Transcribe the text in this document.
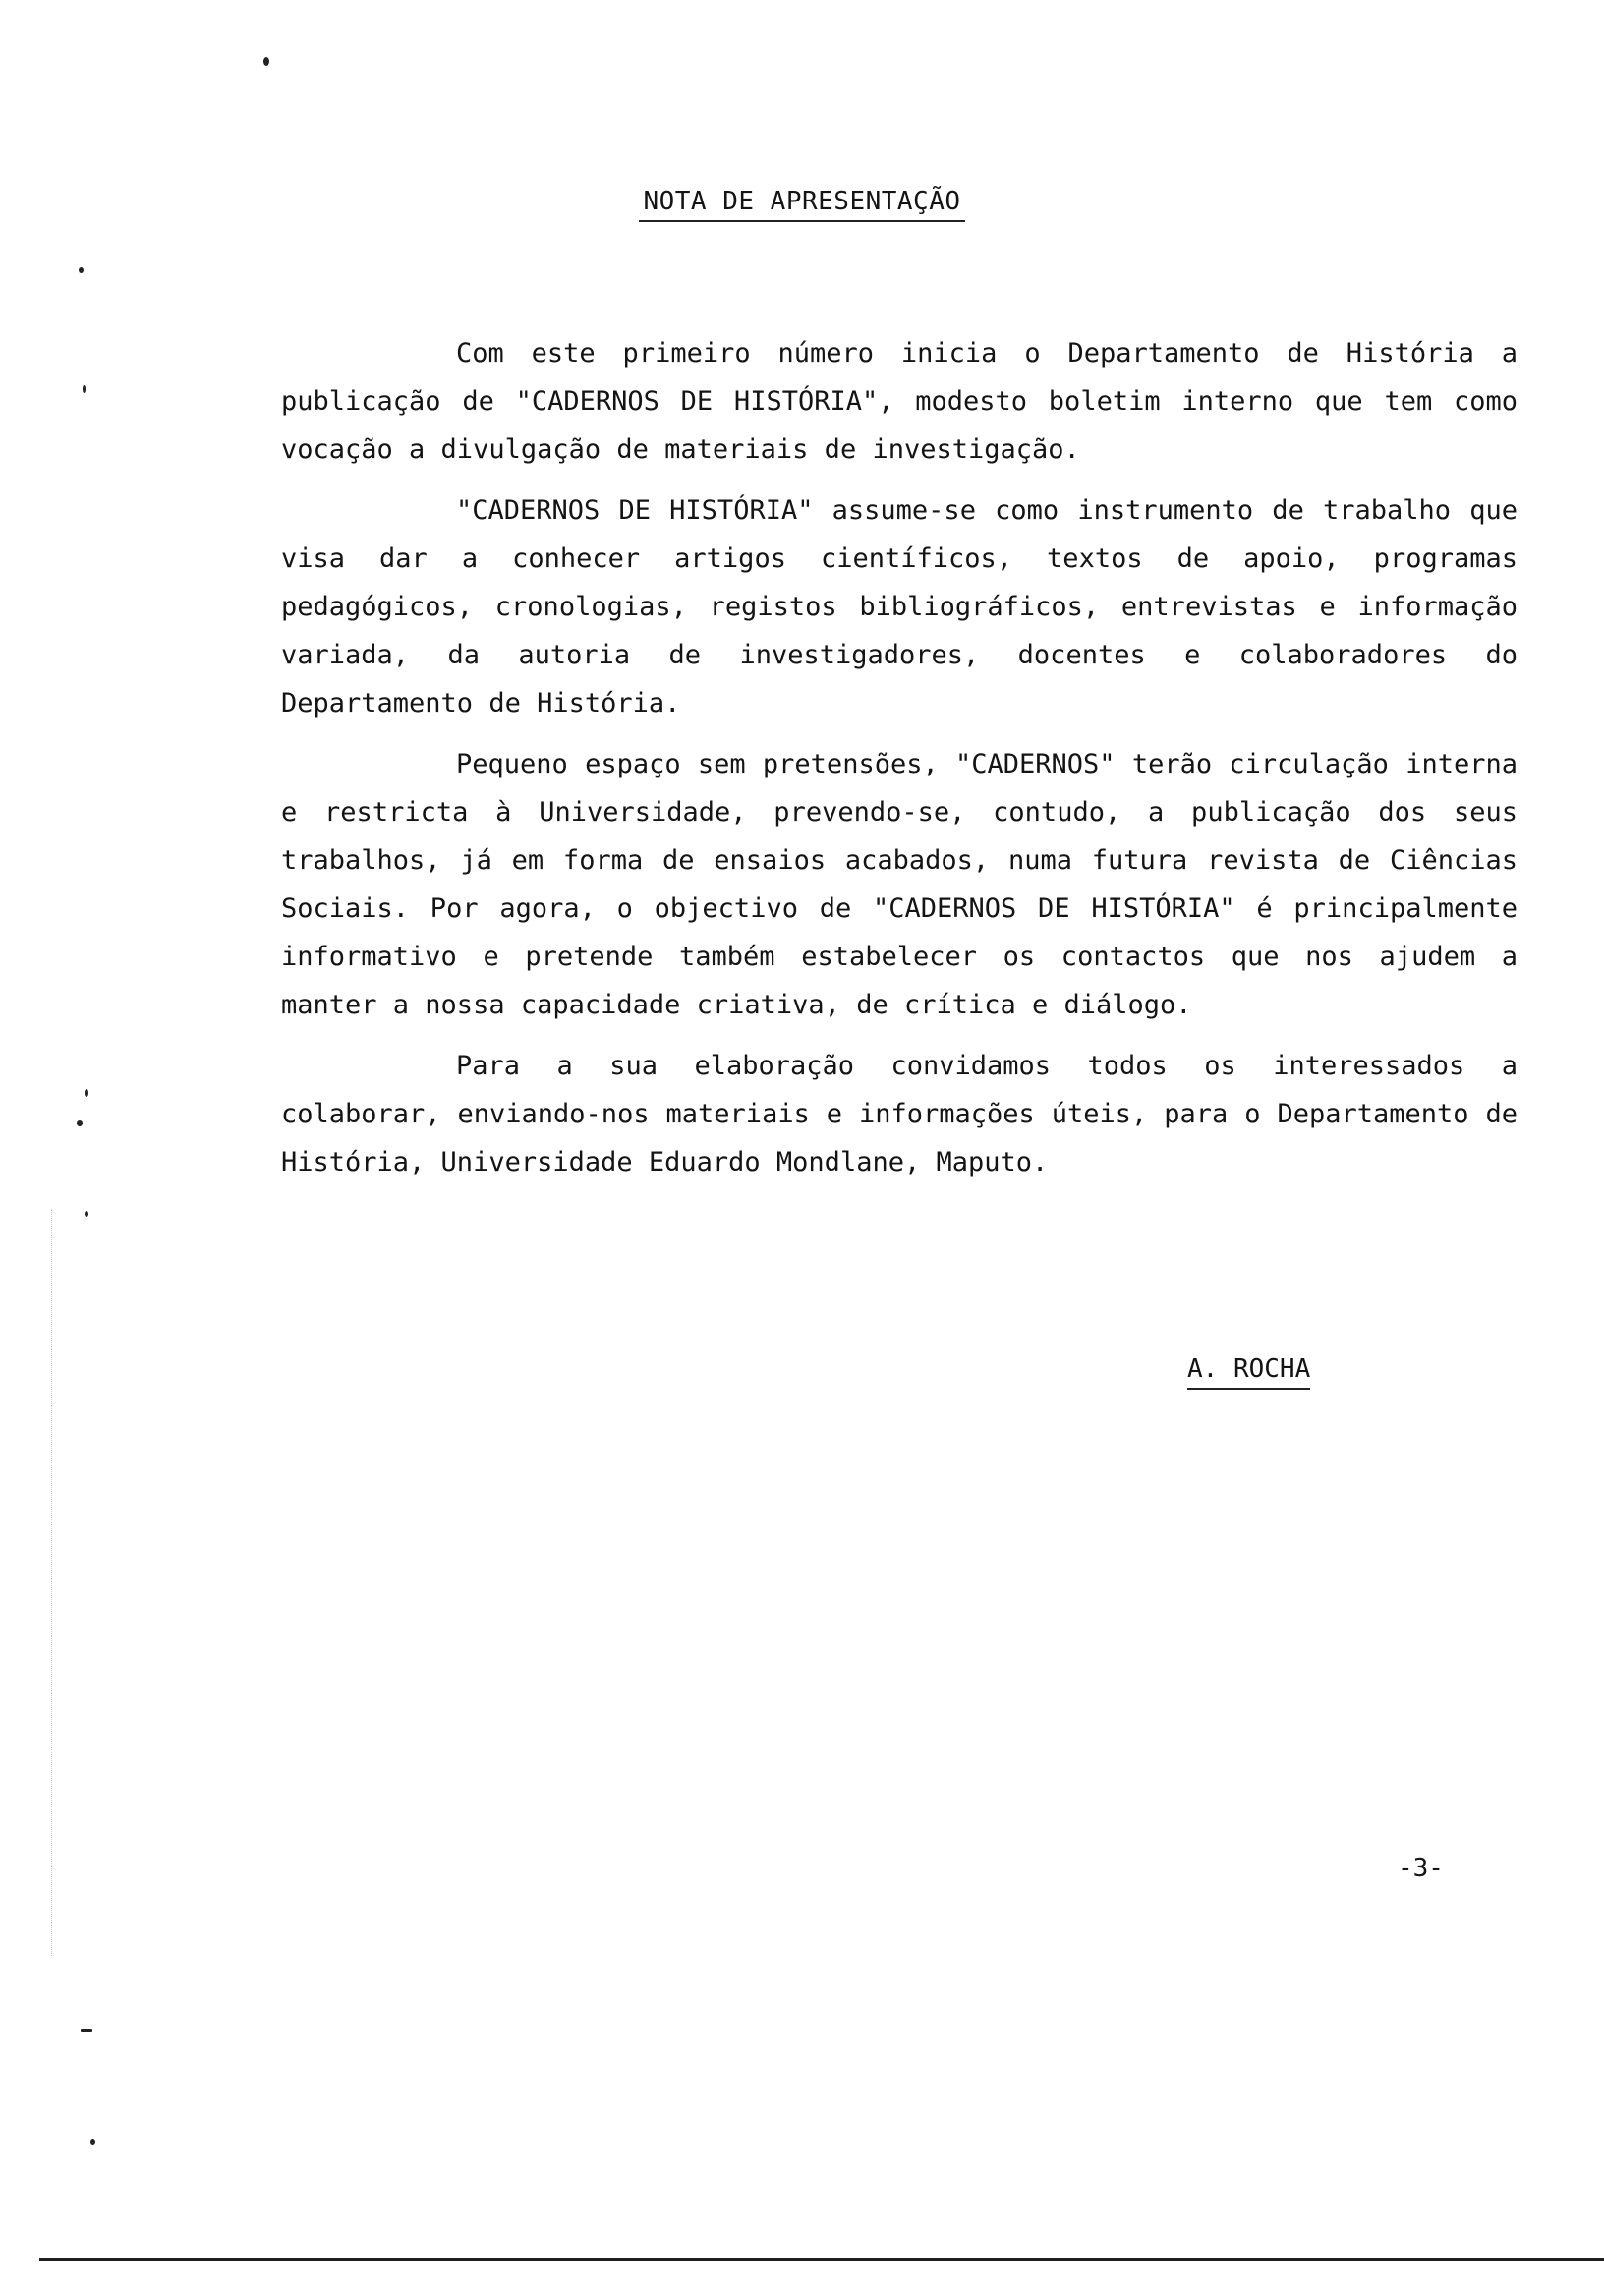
NOTA DE APRESENTAÇÃO

Com este primeiro número inicia o Departamento de História a publicação de "CADERNOS DE HISTÓRIA", modesto boletim interno que tem como vocação a divulgação de materiais de investigação.

"CADERNOS DE HISTÓRIA" assume-se como instrumento de trabalho que visa dar a conhecer artigos científicos, textos de apoio, programas pedagógicos, cronologias, registos bibliográficos, entrevistas e informação variada, da autoria de investigadores, docentes e colaboradores do Departamento de História.

Pequeno espaço sem pretensões, "CADERNOS" terão circulação interna e restricta à Universidade, prevendo-se, contudo, a publicação dos seus trabalhos, já em forma de ensaios acabados, numa futura revista de Ciências Sociais. Por agora, o objectivo de "CADERNOS DE HISTÓRIA" é principalmente informativo e pretende também estabelecer os contactos que nos ajudem a manter a nossa capacidade criativa, de crítica e diálogo.

Para a sua elaboração convidamos todos os interessados a colaborar, enviando-nos materiais e informações úteis, para o Departamento de História, Universidade Eduardo Mondlane, Maputo.

A. ROCHA
-3-
